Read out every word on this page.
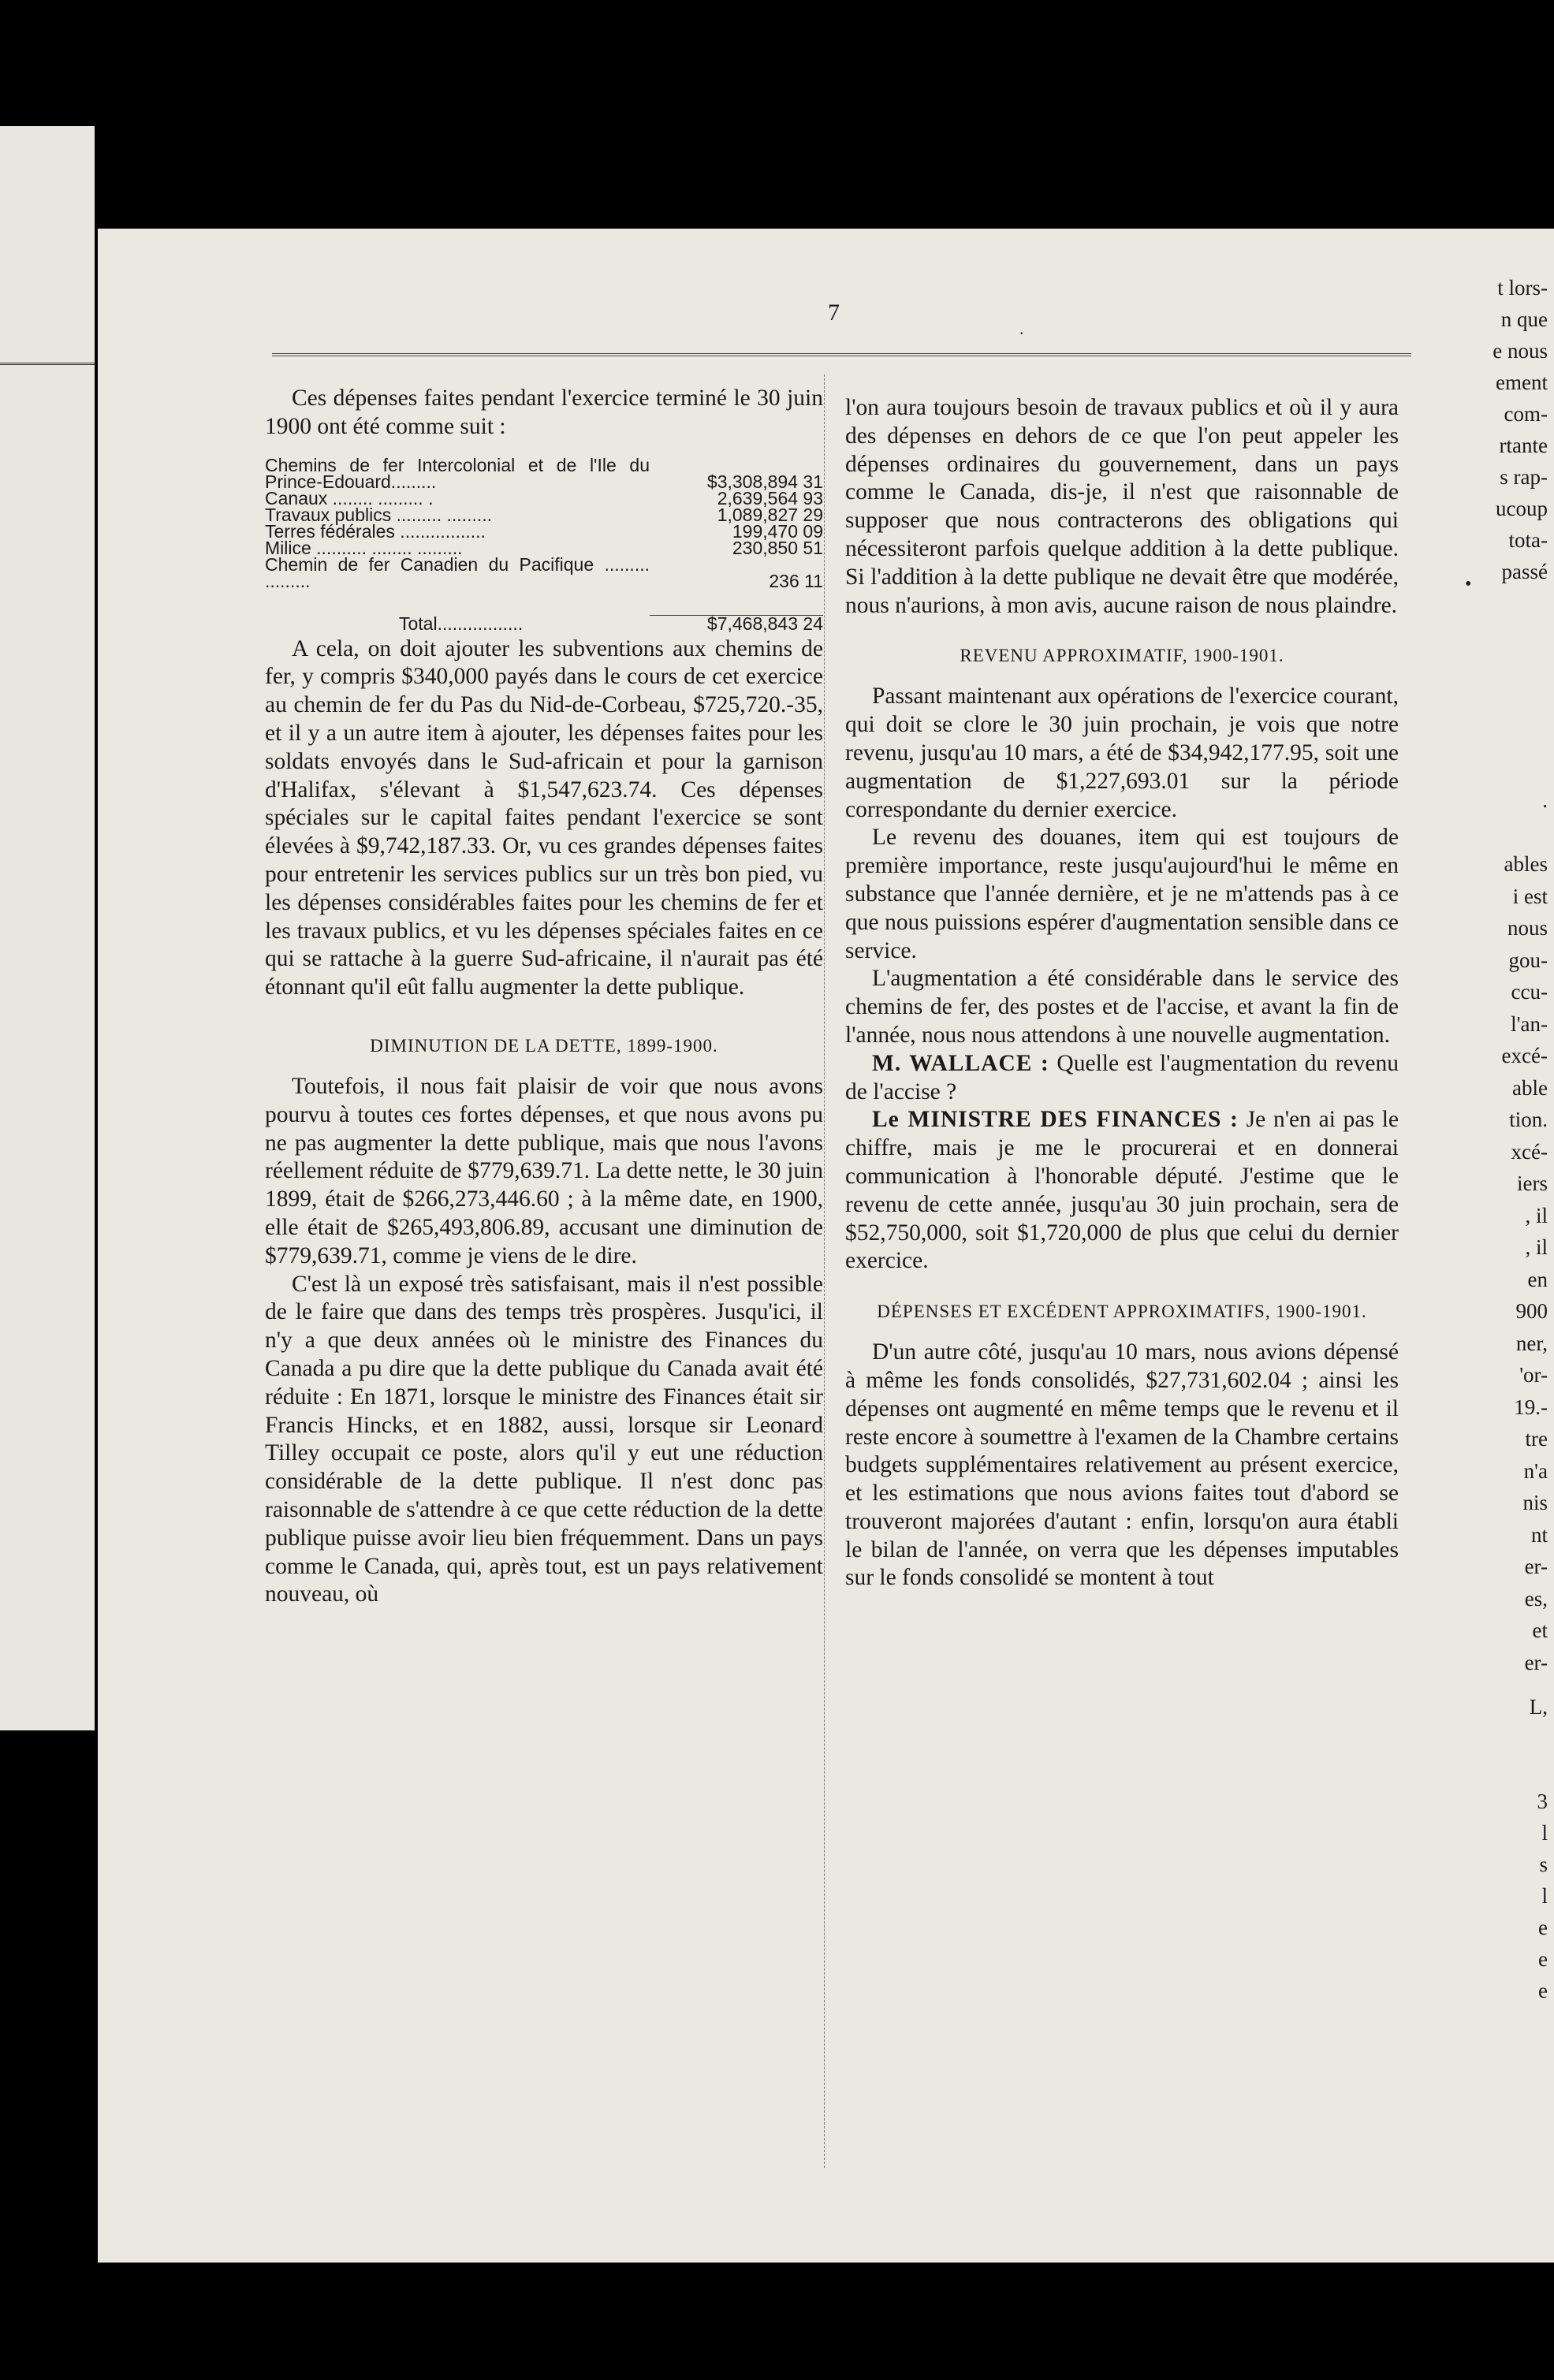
t lors-
n que
e nous
ement
com-
rtante
s rap-
ucoup
tota-
passé
.

ables
i est
nous
gou-
ccu-
l'an-
excé-
able
tion.
xcé-
iers
, il
, il
en
900
ner,
'or-
19.-
tre
n'a
nis
nt
er-
es,
et
er-
L,

3
l
s
l
e
e
e
7
.
•

Ces dépenses faites pendant l'exercice terminé le 30 juin 1900 ont été comme suit :

Chemins de fer Intercolonial et de l'Ile du Prince-Edouard.........	$3,308,894 31
Canaux ........ ......... .	2,639,564 93
Travaux publics ......... .........	1,089,827 29
Terres fédérales .................	199,470 09
Milice .......... ........ .........	230,850 51
Chemin de fer Canadien du Pacifique ......... .........	236 11
Total.................	$7,468,843 24

A cela, on doit ajouter les subventions aux chemins de fer, y compris $340,000 payés dans le cours de cet exercice au chemin de fer du Pas du Nid-de-Corbeau, $725,720.-35, et il y a un autre item à ajouter, les dépenses faites pour les soldats envoyés dans le Sud-africain et pour la garnison d'Halifax, s'élevant à $1,547,623.74. Ces dépenses spéciales sur le capital faites pendant l'exercice se sont élevées à $9,742,187.33. Or, vu ces grandes dépenses faites pour entretenir les services publics sur un très bon pied, vu les dépenses considérables faites pour les chemins de fer et les travaux publics, et vu les dépenses spéciales faites en ce qui se rattache à la guerre Sud-africaine, il n'aurait pas été étonnant qu'il eût fallu augmenter la dette publique.

DIMINUTION DE LA DETTE, 1899-1900.

Toutefois, il nous fait plaisir de voir que nous avons pourvu à toutes ces fortes dépenses, et que nous avons pu ne pas augmenter la dette publique, mais que nous l'avons réellement réduite de $779,639.71. La dette nette, le 30 juin 1899, était de $266,273,446.60 ; à la même date, en 1900, elle était de $265,493,806.89, accusant une diminution de $779,639.71, comme je viens de le dire.

C'est là un exposé très satisfaisant, mais il n'est possible de le faire que dans des temps très prospères. Jusqu'ici, il n'y a que deux années où le ministre des Finances du Canada a pu dire que la dette publique du Canada avait été réduite : En 1871, lorsque le ministre des Finances était sir Francis Hincks, et en 1882, aussi, lorsque sir Leonard Tilley occupait ce poste, alors qu'il y eut une réduction considérable de la dette publique. Il n'est donc pas raisonnable de s'attendre à ce que cette réduction de la dette publique puisse avoir lieu bien fréquemment. Dans un pays comme le Canada, qui, après tout, est un pays relativement nouveau, où

l'on aura toujours besoin de travaux publics et où il y aura des dépenses en dehors de ce que l'on peut appeler les dépenses ordinaires du gouvernement, dans un pays comme le Canada, dis-je, il n'est que raisonnable de supposer que nous contracterons des obligations qui nécessiteront parfois quelque addition à la dette publique. Si l'addition à la dette publique ne devait être que modérée, nous n'aurions, à mon avis, aucune raison de nous plaindre.

REVENU APPROXIMATIF, 1900-1901.

Passant maintenant aux opérations de l'exercice courant, qui doit se clore le 30 juin prochain, je vois que notre revenu, jusqu'au 10 mars, a été de $34,942,177.95, soit une augmentation de $1,227,693.01 sur la période correspondante du dernier exercice.

Le revenu des douanes, item qui est toujours de première importance, reste jusqu'aujourd'hui le même en substance que l'année dernière, et je ne m'attends pas à ce que nous puissions espérer d'augmentation sensible dans ce service.

L'augmentation a été considérable dans le service des chemins de fer, des postes et de l'accise, et avant la fin de l'année, nous nous attendons à une nouvelle augmentation.

M. WALLACE : Quelle est l'augmentation du revenu de l'accise ?

Le MINISTRE DES FINANCES : Je n'en ai pas le chiffre, mais je me le procurerai et en donnerai communication à l'honorable député. J'estime que le revenu de cette année, jusqu'au 30 juin prochain, sera de $52,750,000, soit $1,720,000 de plus que celui du dernier exercice.

DÉPENSES ET EXCÉDENT APPROXIMATIFS, 1900-1901.

D'un autre côté, jusqu'au 10 mars, nous avions dépensé à même les fonds consolidés, $27,731,602.04 ; ainsi les dépenses ont augmenté en même temps que le revenu et il reste encore à soumettre à l'examen de la Chambre certains budgets supplémentaires relativement au présent exercice, et les estimations que nous avions faites tout d'abord se trouveront majorées d'autant : enfin, lorsqu'on aura établi le bilan de l'année, on verra que les dépenses imputables sur le fonds consolidé se montent à tout
